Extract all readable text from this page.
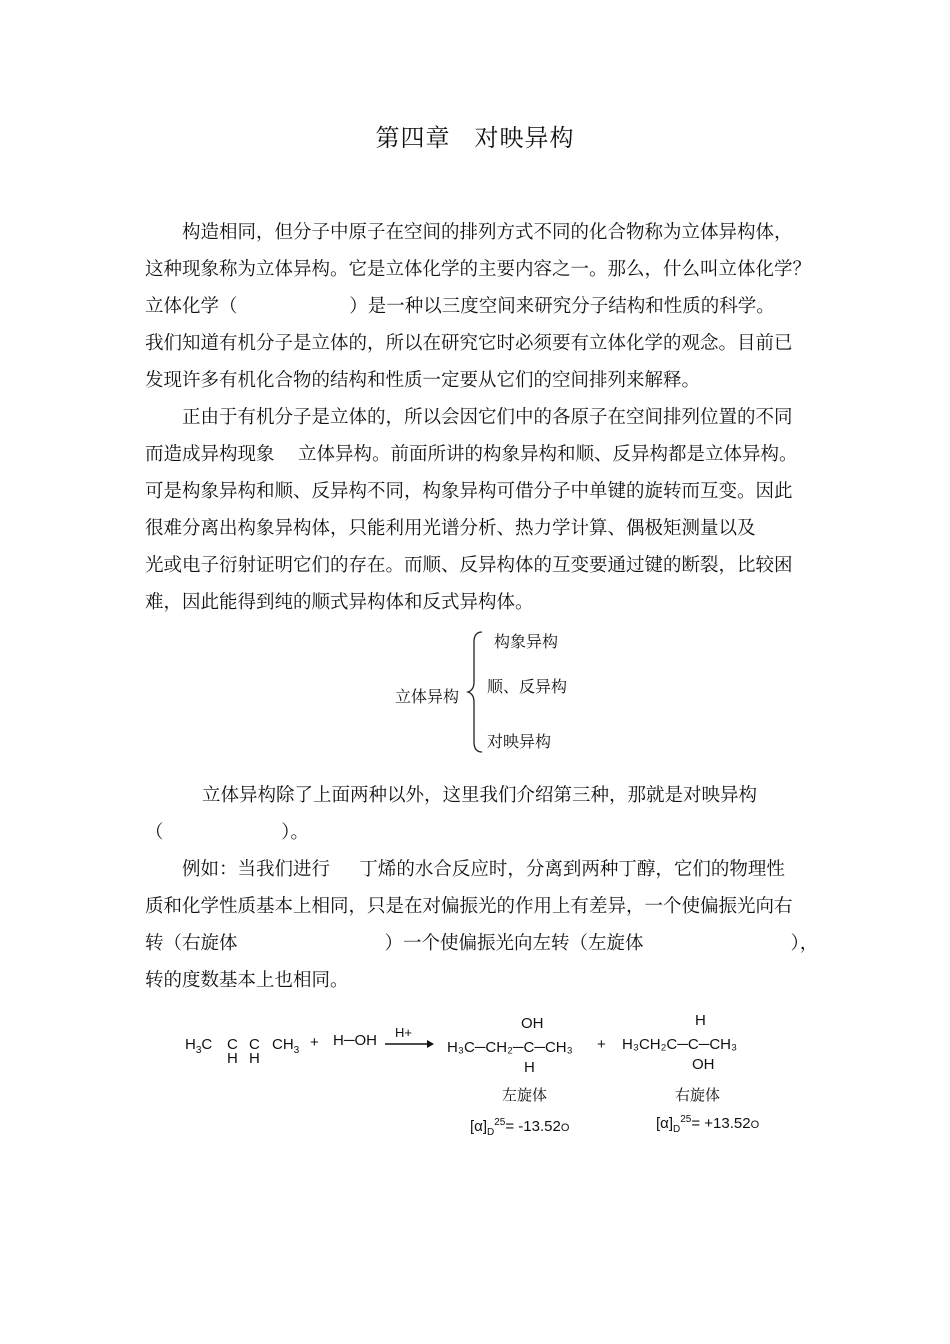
第四章 对映异构
构造相同，但分子中原子在空间的排列方式不同的化合物称为立体异构体，
这种现象称为立体异构。它是立体化学的主要内容之一。那么，什么叫立体化学？
立体化学（                   ）是一种以三度空间来研究分子结构和性质的科学。
我们知道有机分子是立体的，所以在研究它时必须要有立体化学的观念。目前已
发现许多有机化合物的结构和性质一定要从它们的空间排列来解释。
正由于有机分子是立体的，所以会因它们中的各原子在空间排列位置的不同
而造成异构现象    立体异构。前面所讲的构象异构和顺、反异构都是立体异构。
可是构象异构和顺、反异构不同，构象异构可借分子中单键的旋转而互变。因此
很难分离出构象异构体，只能利用光谱分析、热力学计算、偶极矩测量以及
光或电子衍射证明它们的存在。而顺、反异构体的互变要通过键的断裂，比较困
难，因此能得到纯的顺式异构体和反式异构体。
立体异构
构象异构
顺、反异构
对映异构
立体异构除了上面两种以外，这里我们介绍第三种，那就是对映异构
（                    ）。
例如：当我们进行     丁烯的水合反应时，分离到两种丁醇，它们的物理性
质和化学性质基本上相同，只是在对偏振光的作用上有差异，一个使偏振光向右
转（右旋体                         ）一个使偏振光向左转（左旋体                         ），
转的度数基本上也相同。
$H_3C$ C C
H H
$CH_3$ + H─OH H+
OH
H₃C─CH₂─C─CH₃
H
+
H
H₃CH₂C─C─CH₃
OH
左旋体	右旋体
$[\alpha]_D^{25}= -13.52O$	$[\alpha]_D^{25}= +13.52O$
